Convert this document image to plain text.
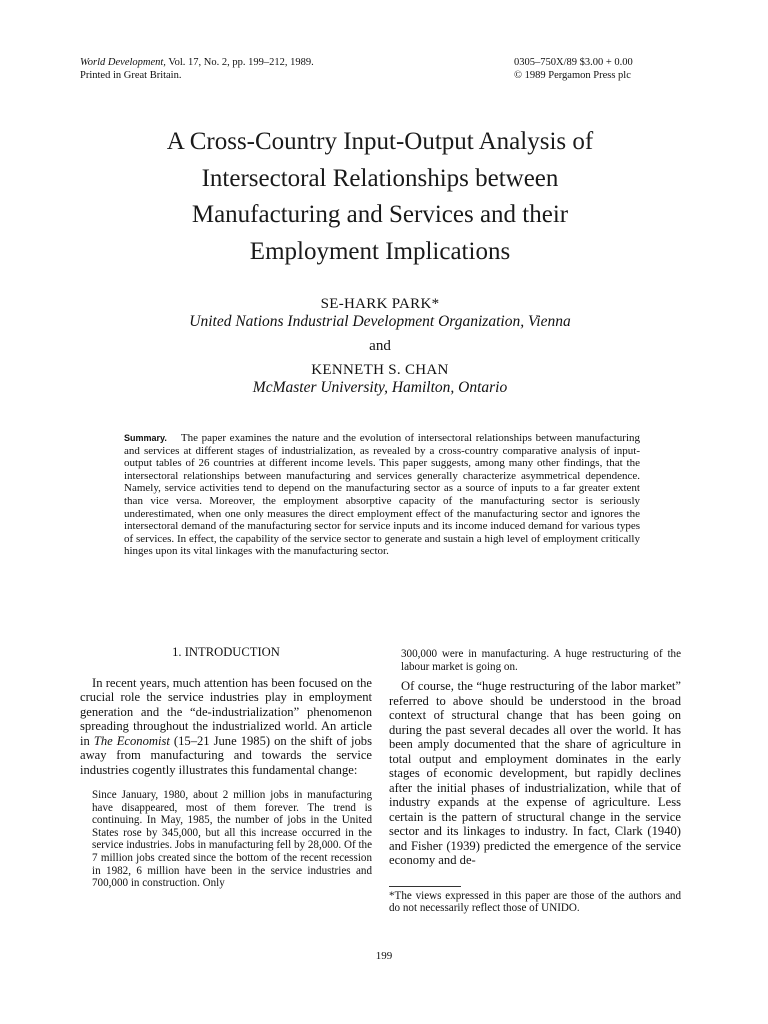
World Development, Vol. 17, No. 2, pp. 199–212, 1989.
Printed in Great Britain.
0305–750X/89 $3.00 + 0.00
© 1989 Pergamon Press plc
A Cross-Country Input-Output Analysis of
Intersectoral Relationships between
Manufacturing and Services and their
Employment Implications
SE-HARK PARK*
United Nations Industrial Development Organization, Vienna
and
KENNETH S. CHAN
McMaster University, Hamilton, Ontario
Summary. The paper examines the nature and the evolution of intersectoral relationships between manufacturing and services at different stages of industrialization, as revealed by a cross-country comparative analysis of input-output tables of 26 countries at different income levels. This paper suggests, among many other findings, that the intersectoral relationships between manufacturing and services generally characterize asymmetrical dependence. Namely, service activities tend to depend on the manufacturing sector as a source of inputs to a far greater extent than vice versa. Moreover, the employment absorptive capacity of the manufacturing sector is seriously underestimated, when one only measures the direct employment effect of the manufacturing sector and ignores the intersectoral demand of the manufacturing sector for service inputs and its income induced demand for various types of services. In effect, the capability of the service sector to generate and sustain a high level of employment critically hinges upon its vital linkages with the manufacturing sector.
1. INTRODUCTION

In recent years, much attention has been focused on the crucial role the service industries play in employment generation and the “de-industrialization” phenomenon spreading throughout the industrialized world. An article in The Economist (15–21 June 1985) on the shift of jobs away from manufacturing and towards the service industries cogently illustrates this fundamental change:

Since January, 1980, about 2 million jobs in manufacturing have disappeared, most of them forever. The trend is continuing. In May, 1985, the number of jobs in the United States rose by 345,000, but all this increase occurred in the service industries. Jobs in manufacturing fell by 28,000. Of the 7 million jobs created since the bottom of the recent recession in 1982, 6 million have been in the service industries and 700,000 in construction. Only
300,000 were in manufacturing. A huge restructuring of the labour market is going on.

Of course, the “huge restructuring of the labor market” referred to above should be understood in the broad context of structural change that has been going on during the past several decades all over the world. It has been amply documented that the share of agriculture in total output and employment dominates in the early stages of economic development, but rapidly declines after the initial phases of industrialization, while that of industry expands at the expense of agriculture. Less certain is the pattern of structural change in the service sector and its linkages to industry. In fact, Clark (1940) and Fisher (1939) predicted the emergence of the service economy and de-

*The views expressed in this paper are those of the authors and do not necessarily reflect those of UNIDO.
199
